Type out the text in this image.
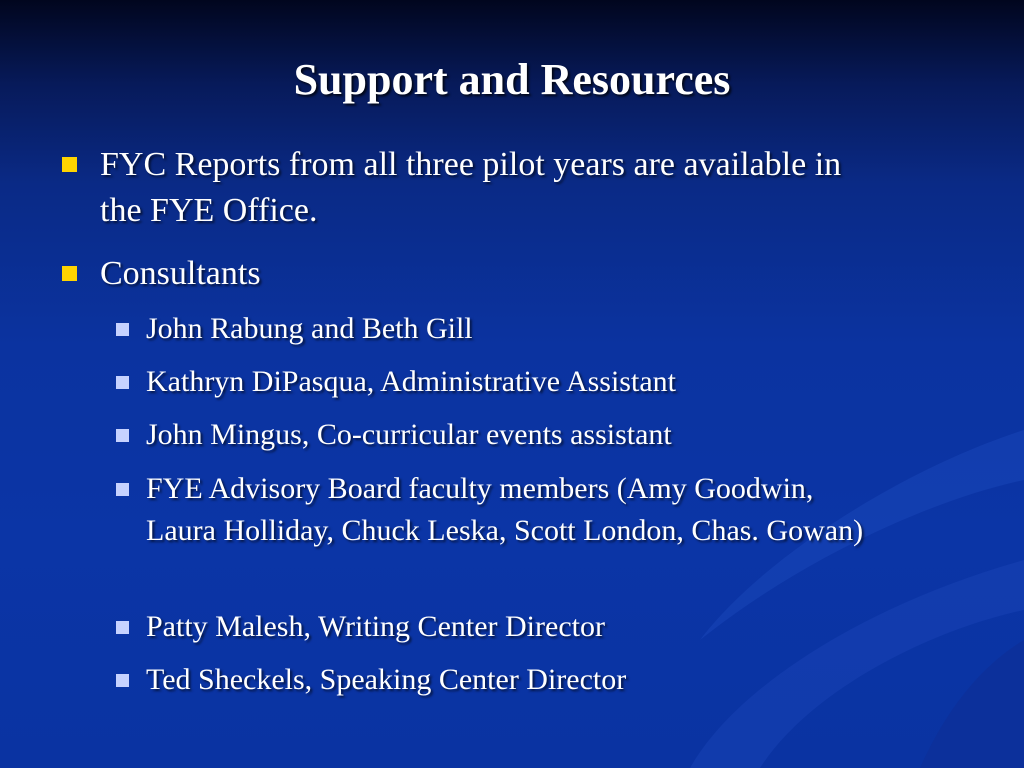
Support and Resources
FYC Reports from all three pilot years are available in the FYE Office.
Consultants
John Rabung and Beth Gill
Kathryn DiPasqua, Administrative Assistant
John Mingus, Co-curricular events assistant
FYE Advisory Board faculty members (Amy Goodwin, Laura Holliday, Chuck Leska, Scott London, Chas. Gowan)
Patty Malesh, Writing Center Director
Ted Sheckels, Speaking Center Director
